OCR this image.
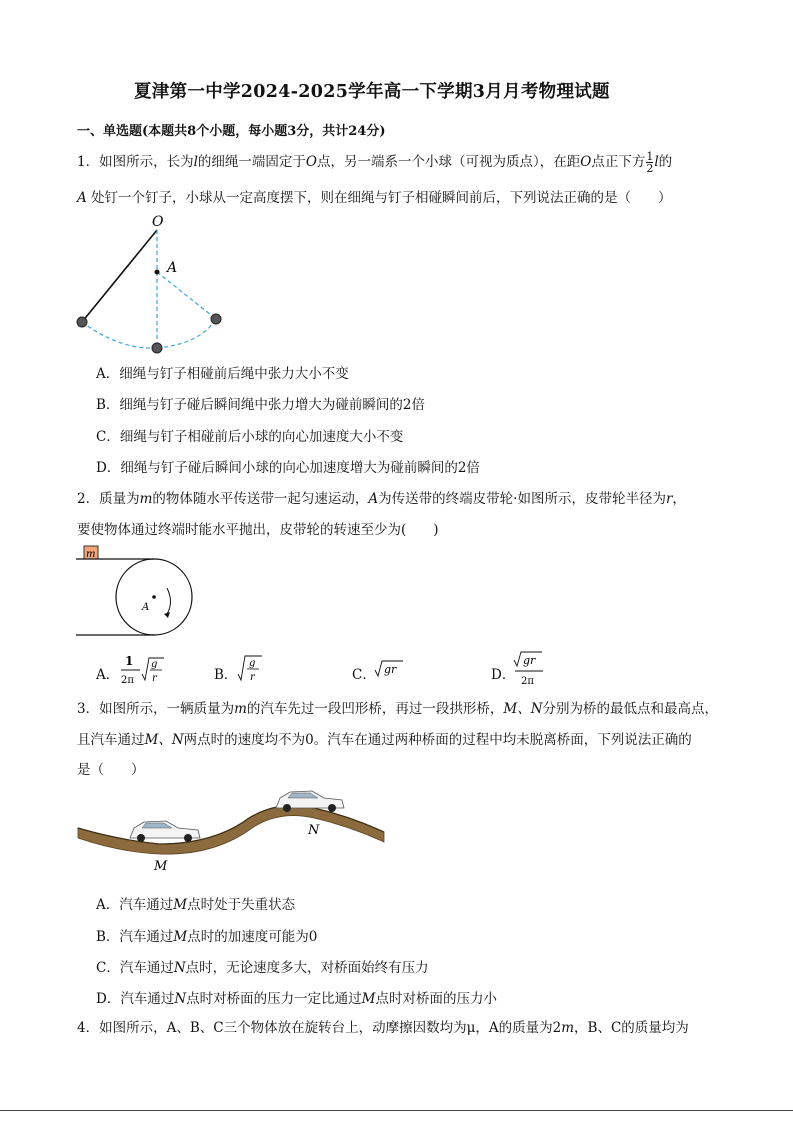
夏津第一中学2024-2025学年高一下学期3月月考物理试题
一、单选题(本题共8个小题，每小题3分，共计24分)
1．如图所示，长为l的细绳一端固定于O点，另一端系一个小球（可视为质点），在距O点正下方 $\frac{1}{2}$ l的
A 处钉一个钉子，小球从一定高度摆下，则在细绳与钉子相碰瞬间前后，下列说法正确的是（　　）
O
A
A．细绳与钉子相碰前后绳中张力大小不变
B．细绳与钉子碰后瞬间绳中张力增大为碰前瞬间的2倍
C．细绳与钉子相碰前后小球的向心加速度大小不变
D．细绳与钉子碰后瞬间小球的向心加速度增大为碰前瞬间的2倍
2．质量为m的物体随水平传送带一起匀速运动，A为传送带的终端皮带轮·如图所示，皮带轮半径为r，
要使物体通过终端时能水平抛出，皮带轮的转速至少为(　　)
m
A
A．
1
2π
g
r	B．
g
r	C． gr	D．
gr
2π
3．如图所示，一辆质量为m的汽车先过一段凹形桥，再过一段拱形桥，M、N分别为桥的最低点和最高点，
且汽车通过M、N两点时的速度均不为0。汽车在通过两种桥面的过程中均未脱离桥面，下列说法正确的
是（　　）
N
M
A．汽车通过M点时处于失重状态
B．汽车通过M点时的加速度可能为0
C．汽车通过N点时，无论速度多大，对桥面始终有压力
D．汽车通过N点时对桥面的压力一定比通过M点时对桥面的压力小
4．如图所示，A、B、C三个物体放在旋转台上，动摩擦因数均为μ，A的质量为2m，B、C的质量均为
